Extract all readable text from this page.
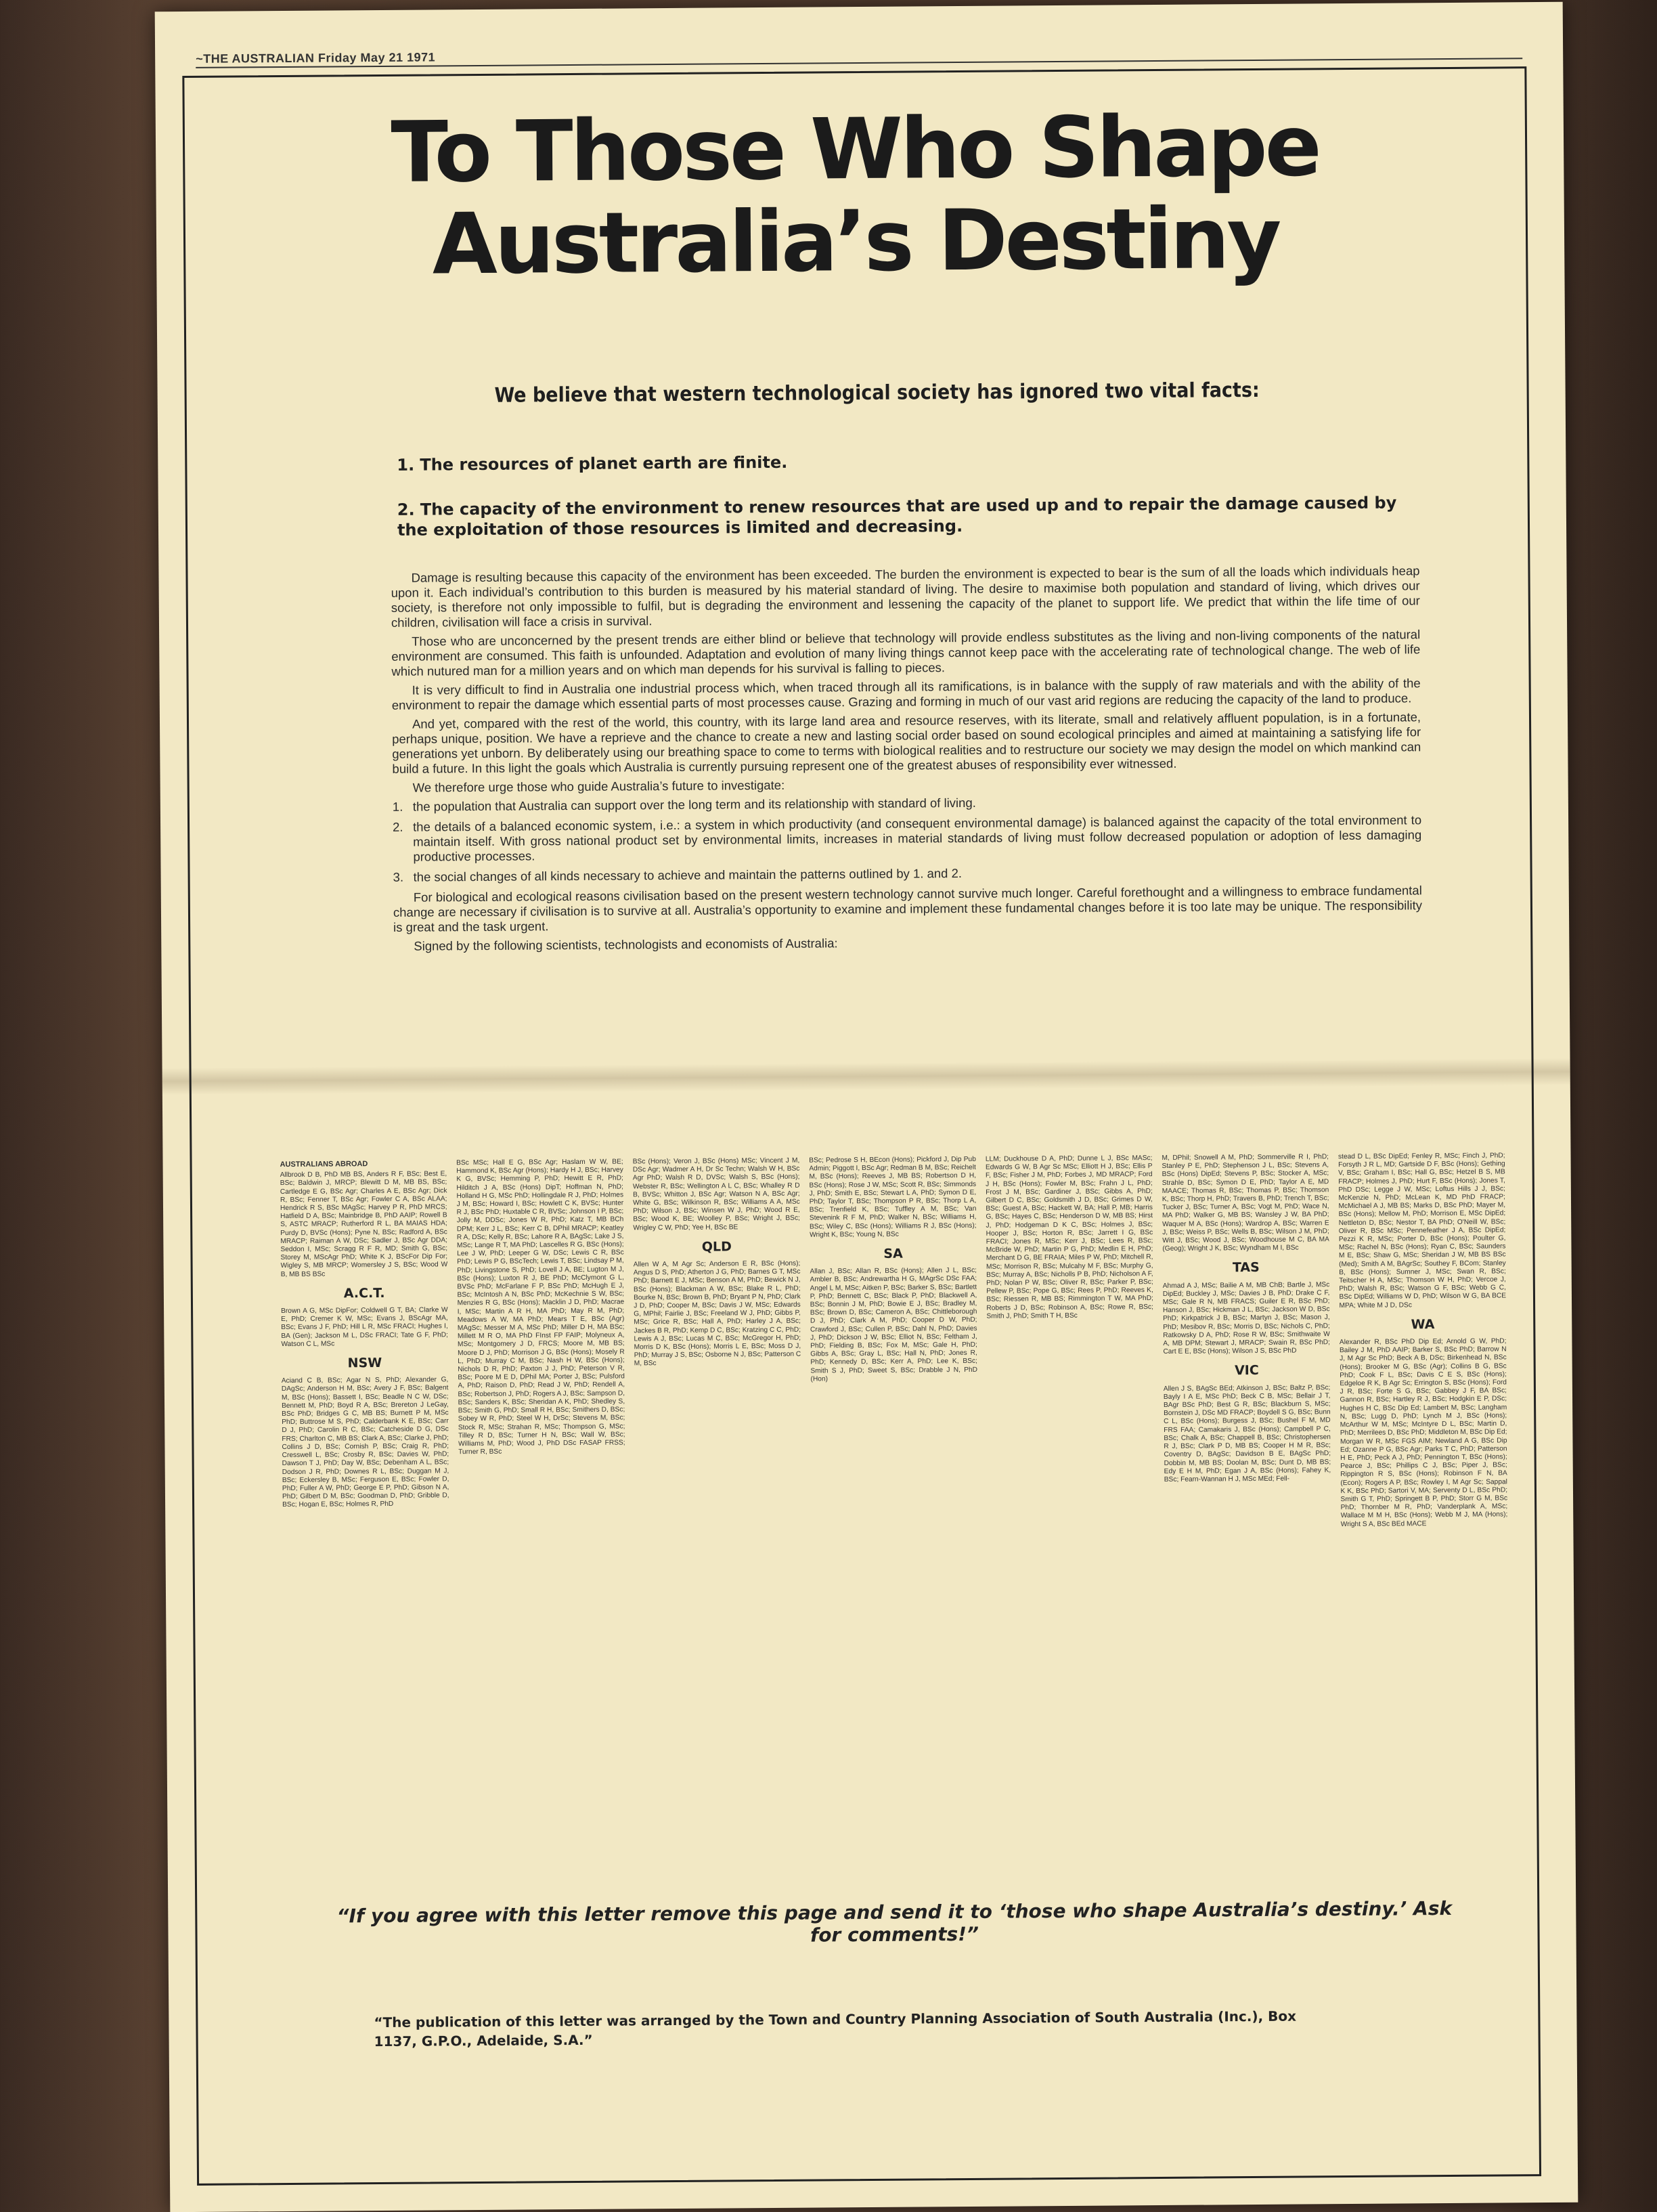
~THE AUSTRALIAN Friday May 21 1971
To Those Who Shape
Australia’s Destiny
We believe that western technological society has ignored two vital facts:
1. The resources of planet earth are finite.
2. The capacity of the environment to renew resources that are used up and to repair the damage caused by the exploitation of those resources is limited and decreasing.

Damage is resulting because this capacity of the environment has been exceeded. The burden the environment is expected to bear is the sum of all the loads which individuals heap upon it. Each individual’s contribution to this burden is measured by his material standard of living. The desire to maximise both population and standard of living, which drives our society, is therefore not only impossible to fulfil, but is degrading the environment and lessening the capacity of the planet to support life. We predict that within the life time of our children, civilisation will face a crisis in survival.

Those who are unconcerned by the present trends are either blind or believe that technology will provide endless substitutes as the living and non-living components of the natural environment are consumed. This faith is unfounded. Adaptation and evolution of many living things cannot keep pace with the accelerating rate of technological change. The web of life which nutured man for a million years and on which man depends for his survival is falling to pieces.

It is very difficult to find in Australia one industrial process which, when traced through all its ramifications, is in balance with the supply of raw materials and with the ability of the environment to repair the damage which essential parts of most processes cause. Grazing and forming in much of our vast arid regions are reducing the capacity of the land to produce.

And yet, compared with the rest of the world, this country, with its large land area and resource reserves, with its literate, small and relatively affluent population, is in a fortunate, perhaps unique, position. We have a reprieve and the chance to create a new and lasting social order based on sound ecological principles and aimed at maintaining a satisfying life for generations yet unborn. By deliberately using our breathing space to come to terms with biological realities and to restructure our society we may design the model on which mankind can build a future. In this light the goals which Australia is currently pursuing represent one of the greatest abuses of responsibility ever witnessed.

We therefore urge those who guide Australia’s future to investigate:

1. the population that Australia can support over the long term and its relationship with standard of living.
2. the details of a balanced economic system, i.e.: a system in which productivity (and consequent environmental damage) is balanced against the capacity of the total environment to maintain itself. With gross national product set by environmental limits, increases in material standards of living must follow decreased population or adoption of less damaging productive processes.
3. the social changes of all kinds necessary to achieve and maintain the patterns outlined by 1. and 2.

For biological and ecological reasons civilisation based on the present western technology cannot survive much longer. Careful forethought and a willingness to embrace fundamental change are necessary if civilisation is to survive at all. Australia’s opportunity to examine and implement these fundamental changes before it is too late may be unique. The responsibility is great and the task urgent.

Signed by the following scientists, technologists and economists of Australia:

AUSTRALIANS ABROAD
Allbrook D B, PhD MB BS, Anders R F, BSc; Best E, BSc; Baldwin J, MRCP; Blewitt D M, MB BS, BSc; Cartledge E G, BSc Agr; Charles A E, BSc Agr; Dick R, BSc; Fenner T, BSc Agr; Fowler C A, BSc ALAA; Hendrick R S, BSc MAgSc; Harvey P R, PhD MRCS; Hatfield D A, BSc; Mainbridge B, PhD AAIP; Rowell B S, ASTC MRACP; Rutherford R L, BA MAIAS HDA; Purdy D, BVSc (Hons); Pyne N, BSc; Radford A, BSc MRACP; Raiman A W, DSc; Sadler J, BSc Agr DDA; Seddon I, MSc; Scragg R F R, MD; Smith G, BSc; Storey M, MScAgr PhD; White K J, BScFor Dip For; Wigley S, MB MRCP; Womersley J S, BSc; Wood W B, MB BS BSc
A.C.T.
Brown A G, MSc DipFor; Coldwell G T, BA; Clarke W E, PhD; Cremer K W, MSc; Evans J, BScAgr MA, BSc; Evans J F, PhD; Hill L R, MSc FRACI; Hughes I, BA (Gen); Jackson M L, DSc FRACI; Tate G F, PhD; Watson C L, MSc
NSW
Aciand C B, BSc; Agar N S, PhD; Alexander G, DAgSc; Anderson H M, BSc; Avery J F, BSc; Balgent M, BSc (Hons); Bassett I, BSc; Beadle N C W, DSc; Bennett M, PhD; Boyd R A, BSc; Brereton J LeGay, BSc PhD; Bridges G C, MB BS; Burnett P M, MSc PhD; Buttrose M S, PhD; Calderbank K E, BSc; Carr D J, PhD; Carolin R C, BSc; Catcheside D G, DSc FRS; Charlton C, MB BS; Clark A, BSc; Clarke J, PhD; Collins J D, BSc; Cornish P, BSc; Craig R, PhD; Cresswell L, BSc; Crosby R, BSc; Davies W, PhD; Dawson T J, PhD; Day W, BSc; Debenham A L, BSc; Dodson J R, PhD; Downes R L, BSc; Duggan M J, BSc; Eckersley B, MSc; Ferguson E, BSc; Fowler D, PhD; Fuller A W, PhD; George E P, PhD; Gibson N A, PhD; Gilbert D M, BSc; Goodman D, PhD; Gribble D, BSc; Hogan E, BSc; Holmes R, PhD
BSc MSc; Hall E G, BSc Agr; Haslam W W, BE; Hammond K, BSc Agr (Hons); Hardy H J, BSc; Harvey K G, BVSc; Hemming P, PhD; Hewitt E R, PhD; Hilditch J A, BSc (Hons) DipT; Hoffman N, PhD; Holland H G, MSc PhD; Hollingdale R J, PhD; Holmes J M, BSc; Howard I, BSc; Howlett C K, BVSc; Hunter R J, BSc PhD; Huxtable C R, BVSc; Johnson I P, BSc; Jolly M, DDSc; Jones W R, PhD; Katz T, MB BCh DPM; Kerr J L, BSc; Kerr C B, DPhil MRACP; Keatley R A, DSc; Kelly R, BSc; Lahore R A, BAgSc; Lake J S, MSc; Lange R T, MA PhD; Lascelles R G, BSc (Hons); Lee J W, PhD; Leeper G W, DSc; Lewis C R, BSc PhD; Lewis P G, BScTech; Lewis T, BSc; Lindsay P M, PhD; Livingstone S, PhD; Lovell J A, BE; Lugton M J, BSc (Hons); Luxton R J, BE PhD; McClymont G L, BVSc PhD; McFarlane F P, BSc PhD; McHugh E J, BSc; McIntosh A N, BSc PhD; McKechnie S W, BSc; Menzies R G, BSc (Hons); Macklin J D, PhD; Macrae I, MSc; Martin A R H, MA PhD; May R M, PhD; Meadows A W, MA PhD; Mears T E, BSc (Agr) MAgSc; Messer M A, MSc PhD; Miller D H, MA BSc; Millett M R O, MA PhD FInst FP FAIP; Molyneux A, MSc; Montgomery J D, FRCS; Moore M, MB BS; Moore D J, PhD; Morrison J G, BSc (Hons); Mosely R L, PhD; Murray C M, BSc; Nash H W, BSc (Hons); Nichols D R, PhD; Paxton J J, PhD; Peterson V R, BSc; Poore M E D, DPhil MA; Porter J, BSc; Pulsford A, PhD; Raison D, PhD; Read J W, PhD; Rendell A, BSc; Robertson J, PhD; Rogers A J, BSc; Sampson D, BSc; Sanders K, BSc; Sheridan A K, PhD; Shedley S, BSc; Smith G, PhD; Small R H, BSc; Smithers D, BSc; Sobey W R, PhD; Steel W H, DrSc; Stevens M, BSc; Stock R, MSc; Strahan R, MSc; Thompson G, MSc; Tilley R D, BSc; Turner H N, BSc; Wall W, BSc; Williams M, PhD; Wood J, PhD DSc FASAP FRSS; Turner R, BSc
BSc (Hons); Veron J, BSc (Hons) MSc; Vincent J M, DSc Agr; Wadmer A H, Dr Sc Techn; Walsh W H, BSc Agr PhD; Walsh R D, DVSc; Walsh S, BSc (Hons); Webster R, BSc; Wellington A L C, BSc; Whalley R D B, BVSc; Whitton J, BSc Agr; Watson N A, BSc Agr; White G, BSc; Wilkinson R, BSc; Williams A A, MSc PhD; Wilson J, BSc; Winsen W J, PhD; Wood R E, BSc; Wood K, BE; Woolley P, BSc; Wright J, BSc; Wrigley C W, PhD; Yee H, BSc BE
QLD
Allen W A, M Agr Sc; Anderson E R, BSc (Hons); Angus D S, PhD; Atherton J G, PhD; Barnes G T, MSc PhD; Barnett E J, MSc; Benson A M, PhD; Bewick N J, BSc (Hons); Blackman A W, BSc; Blake R L, PhD; Bourke N, BSc; Brown B, PhD; Bryant P N, PhD; Clark J D, PhD; Cooper M, BSc; Davis J W, MSc; Edwards G, MPhil; Fairlie J, BSc; Freeland W J, PhD; Gibbs P, MSc; Grice R, BSc; Hall A, PhD; Harley J A, BSc; Jackes B R, PhD; Kemp D C, BSc; Kratzing C C, PhD; Lewis A J, BSc; Lucas M C, BSc; McGregor H, PhD; Morris D K, BSc (Hons); Morris L E, BSc; Moss D J, PhD; Murray J S, BSc; Osborne N J, BSc; Patterson C M, BSc
BSc; Pedrose S H, BEcon (Hons); Pickford J, Dip Pub Admin; Piggott I, BSc Agr; Redman B M, BSc; Reichelt M, BSc (Hons); Reeves J, MB BS; Robertson D H, BSc (Hons); Rose J W, MSc; Scott R, BSc; Simmonds J, PhD; Smith E, BSc; Stewart L A, PhD; Symon D E, PhD; Taylor T, BSc; Thompson P R, BSc; Thorp L A, BSc; Trenfield K, BSc; Tuffley A M, BSc; Van Stevenink R F M, PhD; Walker N, BSc; Williams H, BSc; Wiley C, BSc (Hons); Williams R J, BSc (Hons); Wright K, BSc; Young N, BSc
SA
Allan J, BSc; Allan R, BSc (Hons); Allen J L, BSc; Ambler B, BSc; Andrewartha H G, MAgrSc DSc FAA; Angel L M, MSc; Aitken P, BSc; Barker S, BSc; Bartlett P, PhD; Bennett C, BSc; Black P, PhD; Blackwell A, BSc; Bonnin J M, PhD; Bowie E J, BSc; Bradley M, BSc; Brown D, BSc; Cameron A, BSc; Chittleborough D J, PhD; Clark A M, PhD; Cooper D W, PhD; Crawford J, BSc; Cullen P, BSc; Dahl N, PhD; Davies J, PhD; Dickson J W, BSc; Elliot N, BSc; Feltham J, PhD; Fielding B, BSc; Fox M, MSc; Gale H, PhD; Gibbs A, BSc; Gray L, BSc; Hall N, PhD; Jones R, PhD; Kennedy D, BSc; Kerr A, PhD; Lee K, BSc; Smith S J, PhD; Sweet S, BSc; Drabble J N, PhD (Hon)
LLM; Duckhouse D A, PhD; Dunne L J, BSc MASc; Edwards G W, B Agr Sc MSc; Elliott H J, BSc; Ellis P F, BSc; Fisher J M, PhD; Forbes J, MD MRACP; Ford J H, BSc (Hons); Fowler M, BSc; Frahn J L, PhD; Frost J M, BSc; Gardiner J, BSc; Gibbs A, PhD; Gilbert D C, BSc; Goldsmith J D, BSc; Grimes D W, BSc; Guest A, BSc; Hackett W, BA; Hall P, MB; Harris G, BSc; Hayes C, BSc; Henderson D W, MB BS; Hirst J, PhD; Hodgeman D K C, BSc; Holmes J, BSc; Hooper J, BSc; Horton R, BSc; Jarrett I G, BSc FRACI; Jones R, MSc; Kerr J, BSc; Lees R, BSc; McBride W, PhD; Martin P G, PhD; Medlin E H, PhD; Merchant D G, BE FRAIA; Miles P W, PhD; Mitchell R, MSc; Morrison R, BSc; Mulcahy M F, BSc; Murphy G, BSc; Murray A, BSc; Nicholls P B, PhD; Nicholson A F, PhD; Nolan P W, BSc; Oliver R, BSc; Parker P, BSc; Pellew P, BSc; Pope G, BSc; Rees P, PhD; Reeves K, BSc; Riessen R, MB BS; Rimmington T W, MA PhD; Roberts J D, BSc; Robinson A, BSc; Rowe R, BSc; Smith J, PhD; Smith T H, BSc
M, DPhil; Snowell A M, PhD; Sommerville R I, PhD; Stanley P E, PhD; Stephenson J L, BSc; Stevens A, BSc (Hons) DipEd; Stevens P, BSc; Stocker A, MSc; Strahle D, BSc; Symon D E, PhD; Taylor A E, MD MAACE; Thomas R, BSc; Thomas P, BSc; Thomson K, BSc; Thorp H, PhD; Travers B, PhD; Trench T, BSc; Tucker J, BSc; Turner A, BSc; Vogt M, PhD; Wace N, MA PhD; Walker G, MB BS; Wansley J W, BA PhD; Waquer M A, BSc (Hons); Wardrop A, BSc; Warren E J, BSc; Weiss P, BSc; Wells B, BSc; Wilson J M, PhD; Witt J, BSc; Wood J, BSc; Woodhouse M C, BA MA (Geog); Wright J K, BSc; Wyndham M I, BSc
TAS
Ahmad A J, MSc; Bailie A M, MB ChB; Bartle J, MSc DipEd; Buckley J, MSc; Davies J B, PhD; Drake C F, MSc; Gale R N, MB FRACS; Guiler E R, BSc PhD; Hanson J, BSc; Hickman J L, BSc; Jackson W D, BSc PhD; Kirkpatrick J B, BSc; Martyn J, BSc; Mason J, PhD; Mesibov R, BSc; Morris D, BSc; Nichols C, PhD; Ratkowsky D A, PhD; Rose R W, BSc; Smithwaite W A, MB DPM; Stewart J, MRACP; Swain R, BSc PhD; Cart E E, BSc (Hons); Wilson J S, BSc PhD
VIC
Allen J S, BAgSc BEd; Atkinson J, BSc; Baltz P, BSc; Bayly I A E, MSc PhD; Beck C B, MSc; Bellair J T, BAgr BSc PhD; Best G R, BSc; Blackburn S, MSc; Bornstein J, DSc MD FRACP; Boydell S G, BSc; Bunn C L, BSc (Hons); Burgess J, BSc; Bushel F M, MD FRS FAA; Camakaris J, BSc (Hons); Campbell P C, BSc; Chalk A, BSc; Chappell B, BSc; Christophersen R J, BSc; Clark P D, MB BS; Cooper H M R, BSc; Coventry D, BAgSc; Davidson B E, BAgSc PhD; Dobbin M, MB BS; Doolan M, BSc; Dunt D, MB BS; Edy E H M, PhD; Egan J A, BSc (Hons); Fahey K, BSc; Fearn-Wannan H J, MSc MEd; Fell-
stead D L, BSc DipEd; Fenley R, MSc; Finch J, PhD; Forsyth J R L, MD; Gartside D F, BSc (Hons); Gething V, BSc; Graham I, BSc; Hall G, BSc; Hetzel B S, MB FRACP; Holmes J, PhD; Hurt F, BSc (Hons); Jones T, PhD DSc; Legge J W, MSc; Loftus Hills J J, BSc; McKenzie N, PhD; McLean K, MD PhD FRACP; McMichael A J, MB BS; Marks D, BSc PhD; Mayer M, BSc (Hons); Mellow M, PhD; Morrison E, MSc DipEd; Nettleton D, BSc; Nestor T, BA PhD; O'Neill W, BSc; Oliver R, BSc MSc; Pennefeather J A, BSc DipEd; Pezzi K R, MSc; Porter D, BSc (Hons); Poulter G, MSc; Rachel N, BSc (Hons); Ryan C, BSc; Saunders M E, BSc; Shaw G, MSc; Sheridan J W, MB BS BSc (Med); Smith A M, BAgrSc; Southey F, BCom; Stanley B, BSc (Hons); Sumner J, MSc; Swan R, BSc; Teitscher H A, MSc; Thomson W H, PhD; Vercoe J, PhD; Walsh R, BSc; Watson G F, BSc; Webb G C, BSc DipEd; Williams W D, PhD; Wilson W G, BA BCE MPA; White M J D, DSc
WA
Alexander R, BSc PhD Dip Ed; Arnold G W, PhD; Bailey J M, PhD AAIP; Barker S, BSc PhD; Barrow N J, M Agr Sc PhD; Beck A B, DSc; Birkenhead N, BSc (Hons); Brooker M G, BSc (Agr); Collins B G, BSc PhD; Cook F L, BSc; Davis C E S, BSc (Hons); Edgeloe R K, B Agr Sc; Errington S, BSc (Hons); Ford J R, BSc; Forte S G, BSc; Gabbey J F, BA BSc; Gannon R, BSc; Hartley R J, BSc; Hodgkin E P, DSc; Hughes H C, BSc Dip Ed; Lambert M, BSc; Langham N, BSc; Lugg D, PhD; Lynch M J, BSc (Hons); McArthur W M, MSc; McIntyre D L, BSc; Martin D, PhD; Merrilees D, BSc PhD; Middleton M, BSc Dip Ed; Morgan W R, MSc FGS AIM; Newland A G, BSc Dip Ed; Ozanne P G, BSc Agr; Parks T C, PhD; Patterson H E, PhD; Peck A J, PhD; Pennington T, BSc (Hons); Pearce J, BSc; Phillips C J, BSc; Piper J, BSc; Rippington R S, BSc (Hons); Robinson F N, BA (Econ); Rogers A P, BSc; Rowley I, M Agr Sc; Sappal K K, BSc PhD; Sartori V, MA; Serventy D L, BSc PhD; Smith G T, PhD; Springett B P, PhD; Storr G M, BSc PhD; Thornber M R, PhD; Vanderplank A, MSc; Wallace M M H, BSc (Hons); Webb M J, MA (Hons); Wright S A, BSc BEd MACE
“If you agree with this letter remove this page and send it to ‘those who shape Australia’s destiny.’ Ask for comments!”
“The publication of this letter was arranged by the Town and Country Planning Association of South Australia (Inc.), Box 1137, G.P.O., Adelaide, S.A.”
